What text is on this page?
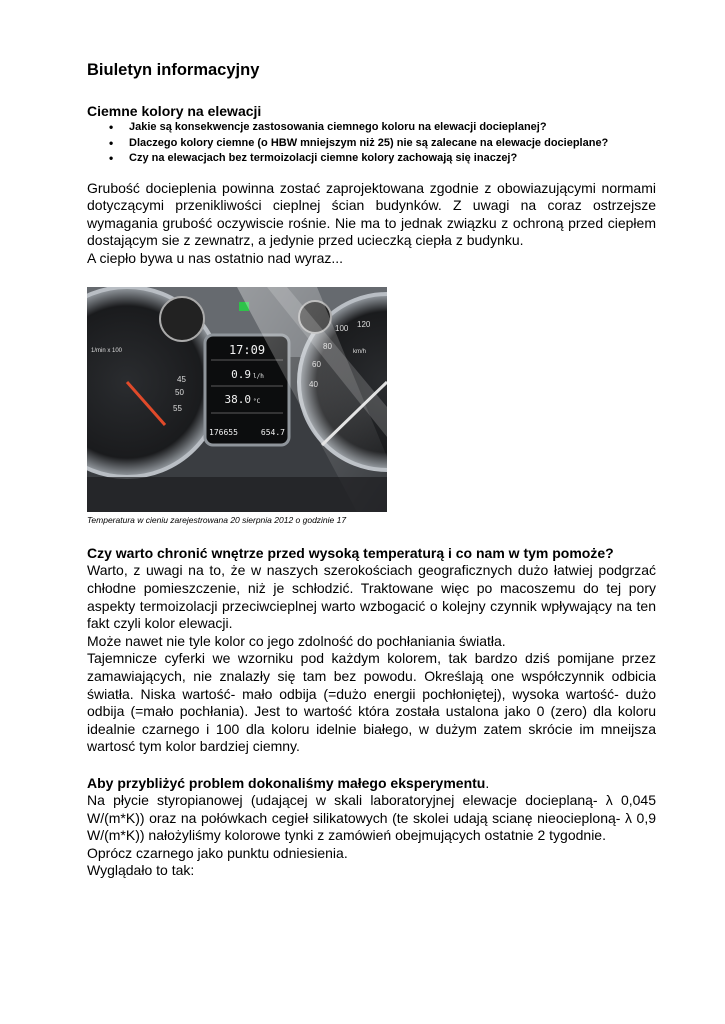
Biuletyn informacyjny
Ciemne kolory na elewacji
• Jakie są konsekwencje zastosowania ciemnego koloru na elewacji docieplanej?
• Dlaczego kolory ciemne (o HBW mniejszym niż 25) nie są zalecane na elewacje docieplane?
• Czy na elewacjach bez termoizolacji ciemne kolory zachowają się inaczej?

Grubość docieplenia powinna zostać zaprojektowana zgodnie z obowiazującymi normami dotyczącymi przenikliwości cieplnej ścian budynków. Z uwagi na coraz ostrzejsze wymagania grubość oczywiscie rośnie. Nie ma to jednak związku z ochroną przed ciepłem dostającym sie z zewnatrz, a jedynie przed ucieczką ciepła z budynku.

A ciepło bywa u nas ostatnio nad wyraz...

45
50
55
100 120
1/min x 100	km/h
17:09
0.9 l/h
38.0 °C
176655	654.7
Temperatura w cieniu zarejestrowana 20 sierpnia 2012 o godzinie 17
Czy warto chronić wnętrze przed wysoką temperaturą i co nam w tym pomoże?

Warto, z uwagi na to, że w naszych szerokościach geograficznych dużo łatwiej podgrzać chłodne pomieszczenie, niż je schłodzić. Traktowane więc po macoszemu do tej pory aspekty termoizolacji przeciwcieplnej warto wzbogacić o kolejny czynnik wpływający na ten fakt czyli kolor elewacji.

Może nawet nie tyle kolor co jego zdolność do pochłaniania światła.

Tajemnicze cyferki we wzorniku pod każdym kolorem, tak bardzo dziś pomijane przez zamawiających, nie znalazły się tam bez powodu. Określają one współczynnik odbicia światła. Niska wartość- mało odbija (=dużo energii pochłoniętej), wysoka wartość- dużo odbija (=mało pochłania). Jest to wartość która została ustalona jako 0 (zero) dla koloru idealnie czarnego i 100 dla koloru idelnie białego, w dużym zatem skrócie im mneijsza wartosć tym kolor bardziej ciemny.

Aby przybliżyć problem dokonaliśmy małego eksperymentu.

Na płycie styropianowej (udającej w skali laboratoryjnej elewacje docieplaną- λ 0,045 W/(m*K)) oraz na połówkach cegieł silikatowych (te skolei udają scianę nieocieploną- λ 0,9 W/(m*K)) nałożyliśmy kolorowe tynki z zamówień obejmujących ostatnie 2 tygodnie.

Oprócz czarnego jako punktu odniesienia.

Wyglądało to tak:
